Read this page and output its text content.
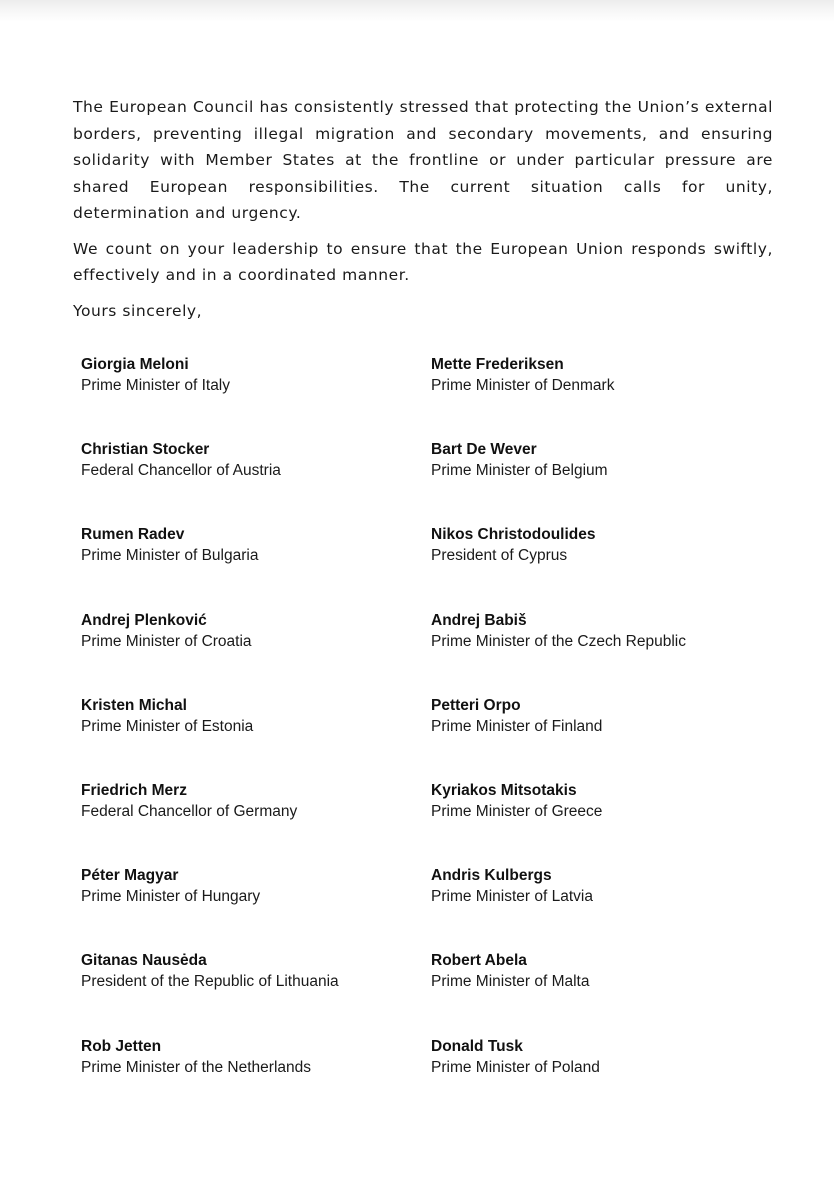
The European Council has consistently stressed that protecting the Union’s external borders, preventing illegal migration and secondary movements, and ensuring solidarity with Member States at the frontline or under particular pressure are shared European responsibilities. The current situation calls for unity, determination and urgency.

We count on your leadership to ensure that the European Union responds swiftly, effectively and in a coordinated manner.

Yours sincerely,

Giorgia Meloni
Prime Minister of Italy
Mette Frederiksen
Prime Minister of Denmark
Christian Stocker
Federal Chancellor of Austria
Bart De Wever
Prime Minister of Belgium
Rumen Radev
Prime Minister of Bulgaria
Nikos Christodoulides
President of Cyprus
Andrej Plenković
Prime Minister of Croatia
Andrej Babiš
Prime Minister of the Czech Republic
Kristen Michal
Prime Minister of Estonia
Petteri Orpo
Prime Minister of Finland
Friedrich Merz
Federal Chancellor of Germany
Kyriakos Mitsotakis
Prime Minister of Greece
Péter Magyar
Prime Minister of Hungary
Andris Kulbergs
Prime Minister of Latvia
Gitanas Nausėda
President of the Republic of Lithuania
Robert Abela
Prime Minister of Malta
Rob Jetten
Prime Minister of the Netherlands
Donald Tusk
Prime Minister of Poland
